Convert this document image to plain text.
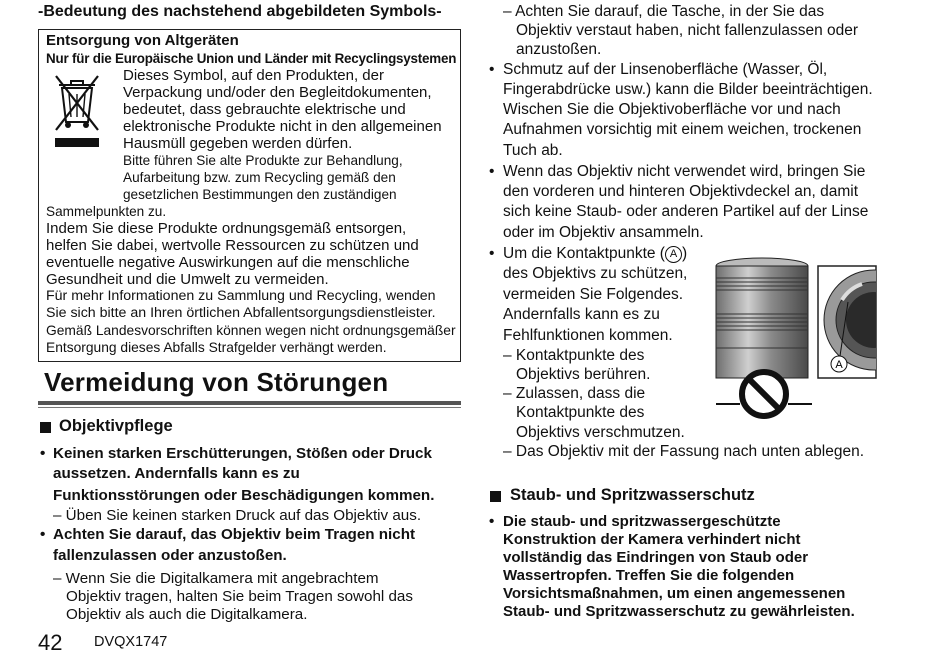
-Bedeutung des nachstehend abgebildeten Symbols-
Entsorgung von Altgeräten
Nur für die Europäische Union und Länder mit Recyclingsystemen
Dieses Symbol, auf den Produkten, der
Verpackung und/oder den Begleitdokumenten,
bedeutet, dass gebrauchte elektrische und
elektronische Produkte nicht in den allgemeinen
Hausmüll gegeben werden dürfen.
Bitte führen Sie alte Produkte zur Behandlung,
Aufarbeitung bzw. zum Recycling gemäß den
gesetzlichen Bestimmungen den zuständigen
Sammelpunkten zu.
Indem Sie diese Produkte ordnungsgemäß entsorgen,
helfen Sie dabei, wertvolle Ressourcen zu schützen und
eventuelle negative Auswirkungen auf die menschliche
Gesundheit und die Umwelt zu vermeiden.
Für mehr Informationen zu Sammlung und Recycling, wenden
Sie sich bitte an Ihren örtlichen Abfallentsorgungsdienstleister.
Gemäß Landesvorschriften können wegen nicht ordnungsgemäßer
Entsorgung dieses Abfalls Strafgelder verhängt werden.
Vermeidung von Störungen
Objektivpflege
• Keinen starken Erschütterungen, Stößen oder Druck
aussetzen. Andernfalls kann es zu
Funktionsstörungen oder Beschädigungen kommen.
– Üben Sie keinen starken Druck auf das Objektiv aus.
• Achten Sie darauf, das Objektiv beim Tragen nicht
fallenzulassen oder anzustoßen.
– Wenn Sie die Digitalkamera mit angebrachtem
Objektiv tragen, halten Sie beim Tragen sowohl das
Objektiv als auch die Digitalkamera.
42 DVQX1747
– Achten Sie darauf, die Tasche, in der Sie das
Objektiv verstaut haben, nicht fallenzulassen oder
anzustoßen.
• Schmutz auf der Linsenoberfläche (Wasser, Öl,
Fingerabdrücke usw.) kann die Bilder beeinträchtigen.
Wischen Sie die Objektivoberfläche vor und nach
Aufnahmen vorsichtig mit einem weichen, trockenen
Tuch ab.
• Wenn das Objektiv nicht verwendet wird, bringen Sie
den vorderen und hinteren Objektivdeckel an, damit
sich keine Staub- oder anderen Partikel auf der Linse
oder im Objektiv ansammeln.
• Um die Kontaktpunkte ( A )
des Objektivs zu schützen,
vermeiden Sie Folgendes.
Andernfalls kann es zu
Fehlfunktionen kommen.
– Kontaktpunkte des
Objektivs berühren.
– Zulassen, dass die
Kontaktpunkte des
Objektivs verschmutzen.
– Das Objektiv mit der Fassung nach unten ablegen.
A
Staub- und Spritzwasserschutz
• Die staub- und spritzwassergeschützte
Konstruktion der Kamera verhindert nicht
vollständig das Eindringen von Staub oder
Wassertropfen. Treffen Sie die folgenden
Vorsichtsmaßnahmen, um einen angemessenen
Staub- und Spritzwasserschutz zu gewährleisten.
